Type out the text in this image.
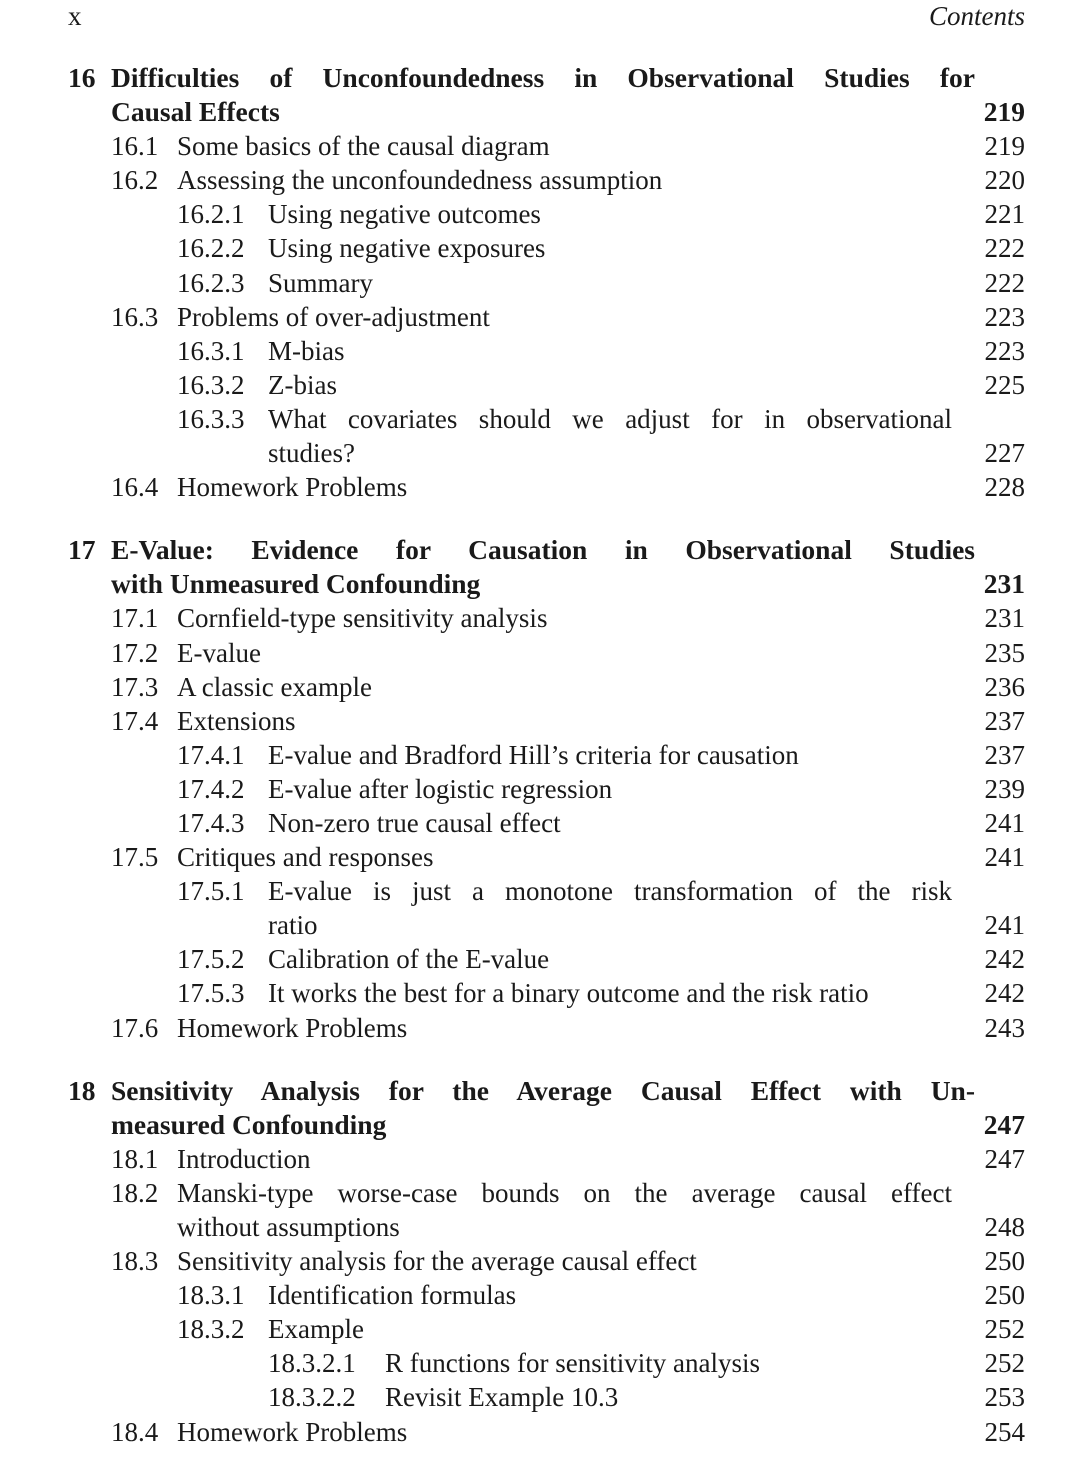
x	Contents
16 Difficulties of Unconfoundedness in Observational Studies for
Causal Effects	219
16.1 Some basics of the causal diagram	219
16.2 Assessing the unconfoundedness assumption	220
16.2.1 Using negative outcomes	221
16.2.2 Using negative exposures	222
16.2.3 Summary	222
16.3 Problems of over-adjustment	223
16.3.1 M-bias	223
16.3.2 Z-bias	225
16.3.3 What covariates should we adjust for in observational
studies?	227
16.4 Homework Problems	228
17 E-Value: Evidence for Causation in Observational Studies
with Unmeasured Confounding	231
17.1 Cornfield-type sensitivity analysis	231
17.2 E-value	235
17.3 A classic example	236
17.4 Extensions	237
17.4.1 E-value and Bradford Hill’s criteria for causation	237
17.4.2 E-value after logistic regression	239
17.4.3 Non-zero true causal effect	241
17.5 Critiques and responses	241
17.5.1 E-value is just a monotone transformation of the risk
ratio	241
17.5.2 Calibration of the E-value	242
17.5.3 It works the best for a binary outcome and the risk ratio	242
17.6 Homework Problems	243
18 Sensitivity Analysis for the Average Causal Effect with Un-
measured Confounding	247
18.1 Introduction	247
18.2 Manski-type worse-case bounds on the average causal effect
without assumptions	248
18.3 Sensitivity analysis for the average causal effect	250
18.3.1 Identification formulas	250
18.3.2 Example	252
18.3.2.1 R functions for sensitivity analysis	252
18.3.2.2 Revisit Example 10.3	253
18.4 Homework Problems	254
